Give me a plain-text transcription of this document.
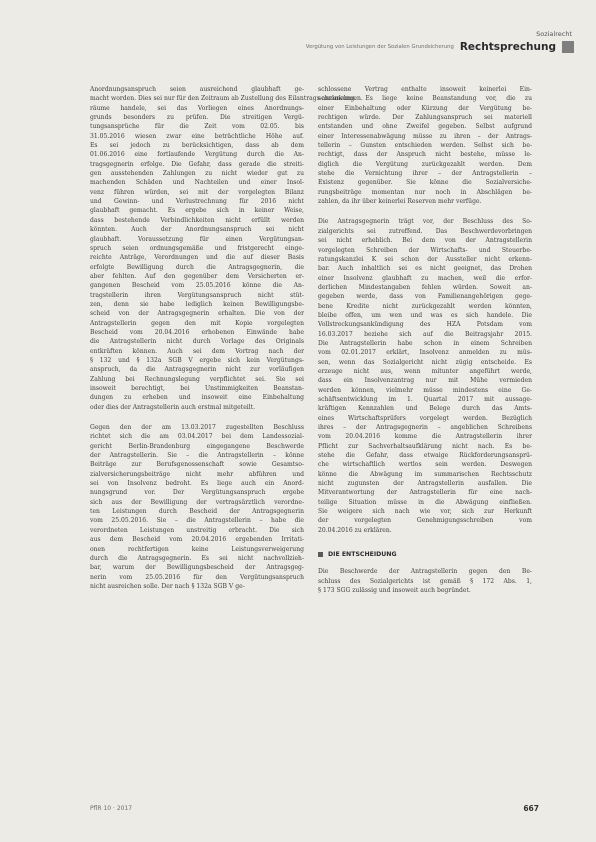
Sozialrecht
Vergütung von Leistungen der Sozialen Grundsicherung Rechtsprechung
Anordnungsanspruch seien ausreichend glaubhaft ge-
macht worden. Dies sei nur für den Zeitraum ab Zustellung des Eilantrags anzunehmen.
räume handele, sei das Vorliegen eines Anordnungs-
grunds besonders zu prüfen. Die streitigen Vergü-
tungsansprüche für die Zeit vom 02.05. bis
31.05.2016 wiesen zwar eine beträchtliche Höhe auf.
Es sei jedoch zu berücksichtigen, dass ab dem
01.06.2016 eine fortlaufende Vergütung durch die An-
tragsgegnerin erfolge. Die Gefahr, dass gerade die streiti-
gen ausstehenden Zahlungen zu nicht wieder gut zu
machenden Schäden und Nachteilen und einer Insol-
venz führen würden, sei mit der vorgelegten Bilanz
und Gewinn- und Verlustrechnung für 2016 nicht
glaubhaft gemacht. Es ergebe sich in keiner Weise,
dass bestehende Verbindlichkeiten nicht erfüllt werden
könnten. Auch der Anordnungsanspruch sei nicht
glaubhaft. Voraussetzung für einen Vergütungsan-
spruch seien ordnungsgemäße und fristgerecht einge-
reichte Anträge, Verordnungen und die auf dieser Basis
erfolgte Bewilligung durch die Antragsgegnerin, die
aber fehlten. Auf den gegenüber dem Versicherten er-
gangenen Bescheid vom 25.05.2016 könne die An-
tragstellerin ihren Vergütungsanspruch nicht stüt-
zen, denn sie habe lediglich keinen Bewilligungsbe-
scheid von der Antragsgegnerin erhalten. Die von der
Antragstellerin gegen den mit Kopie vorgelegten
Bescheid vom 20.04.2016 erhobenen Einwände habe
die Antragstellerin nicht durch Vorlage des Originals
entkräften können. Auch sei dem Vortrag nach der
§ 132 und § 132a SGB V ergebe sich kein Vergütungs-
anspruch, da die Antragsgegnerin nicht zur vorläufigen
Zahlung bei Rechnungslegung verpflichtet sei. Sie sei
insoweit berechtigt, bei Unstimmigkeiten Beanstan-
dungen zu erheben und insoweit eine Einbehaltung
oder dies der Antragstellerin auch erstmal mitgeteilt.
Gegen den der am 13.03.2017 zugestellten Beschluss
richtet sich die am 03.04.2017 bei dem Landessozial-
gericht Berlin-Brandenburg eingegangene Beschwerde
der Antragstellerin. Sie – die Antragstellerin – könne
Beiträge zur Berufsgenossenschaft sowie Gesamtso-
zialversicherungsbeiträge nicht mehr abführen und
sei von Insolvenz bedroht. Es liege auch ein Anord-
nungsgrund vor. Der Vergütungsanspruch ergebe
sich aus der Bewilligung der vertragsärztlich verordne-
ten Leistungen durch Bescheid der Antragsgegnerin
vom 25.05.2016. Sie – die Antragstellerin – habe die
verordneten Leistungen unstreitig erbracht. Die sich
aus dem Bescheid vom 20.04.2016 ergebenden Irritati-
onen rechtfertigen keine Leistungsverweigerung
durch die Antragsgegnerin. Es sei nicht nachvollzieh-
bar, warum der Bewilligungsbescheid der Antragsgeg-
nerin vom 25.05.2016 für den Vergütungsanspruch
nicht ausreichen solle. Der nach § 132a SGB V ge-
schlossene Vertrag enthalte insoweit keinerlei Ein-
schränkung. Es liege keine Beanstandung vor, die zu
einer Einbehaltung oder Kürzung der Vergütung be-
rechtigen würde. Der Zahlungsanspruch sei materiell
entstanden und ohne Zweifel gegeben. Selbst aufgrund
einer Interessenabwägung müsse zu ihren – der Antrags-
tellerin – Gunsten entschieden werden. Selbst sich be-
rechtigt, dass der Anspruch nicht bestehe, müsse le-
diglich die Vergütung zurückgezahlt werden. Dem
stehe die Vernichtung ihrer – der Antragstellerin –
Existenz gegenüber. Sie könne die Sozialversiche-
rungsbeiträge momentan nur noch in Abschlägen be-
zahlen, da ihr über keinerlei Reserven mehr verfüge.
Die Antragsgegnerin trägt vor, der Beschluss des So-
zialgerichts sei zutreffend. Das Beschwerdevorbringen
sei nicht erheblich. Bei dem von der Antragstellerin
vorgelegten Schreiben der Wirtschafts- und Steuerbe-
ratungskanzlei K sei schon der Aussteller nicht erkenn-
bar. Auch inhaltlich sei es nicht geeignet, das Drohen
einer Insolvenz glaubhaft zu machen, weil die erfor-
derlichen Mindestangaben fehlen würden. Soweit an-
gegeben werde, dass von Familienangehörigen gege-
bene Kredite nicht zurückgezahlt werden könnten,
bleibe offen, um wen und was es sich handele. Die
Vollstreckungsankündigung des HZA Potsdam vom
16.03.2017 beziehe sich auf die Beitragsjahr 2015.
Die Antragstellerin habe schon in einem Schreiben
vom 02.01.2017 erklärt, Insolvenz anmelden zu müs-
sen, wenn das Sozialgericht nicht zügig entscheide. Es
erzeuge nicht aus, wenn mitunter angeführt werde,
dass ein Insolvenzantrag nur mit Mühe vermieden
werden können, vielmehr müsse mindestens eine Ge-
schäftsentwicklung im 1. Quartal 2017 mit aussage-
kräftigen Kennzahlen und Belege durch das Amts-
eines Wirtschaftsprüfers vorgelegt werden. Bezüglich
ihres – der Antragsgegnerin – angeblichen Schreibens
vom 20.04.2016 komme die Antragstellerin ihrer
Pflicht zur Sachverhaltsaufklärung nicht nach. Es be-
stehe die Gefahr, dass etwaige Rückforderungsansprü-
che wirtschaftlich wertlos sein werden. Deswegen
könne die Abwägung im summarischen Rechtsschutz
nicht zugunsten der Antragstellerin ausfallen. Die
Mitverantwortung der Antragstellerin für eine nach-
teilige Situation müsse in die Abwägung einfließen.
Sie weigere sich nach wie vor, sich zur Herkunft
der vorgelegten Genehmigungsschreiben vom
20.04.2016 zu erklären.
DIE ENTSCHEIDUNG
Die Beschwerde der Antragstellerin gegen den Be-
schluss des Sozialgerichts ist gemäß § 172 Abs. 1,
§ 173 SGG zulässig und insoweit auch begründet.
PflR 10 · 2017	667
